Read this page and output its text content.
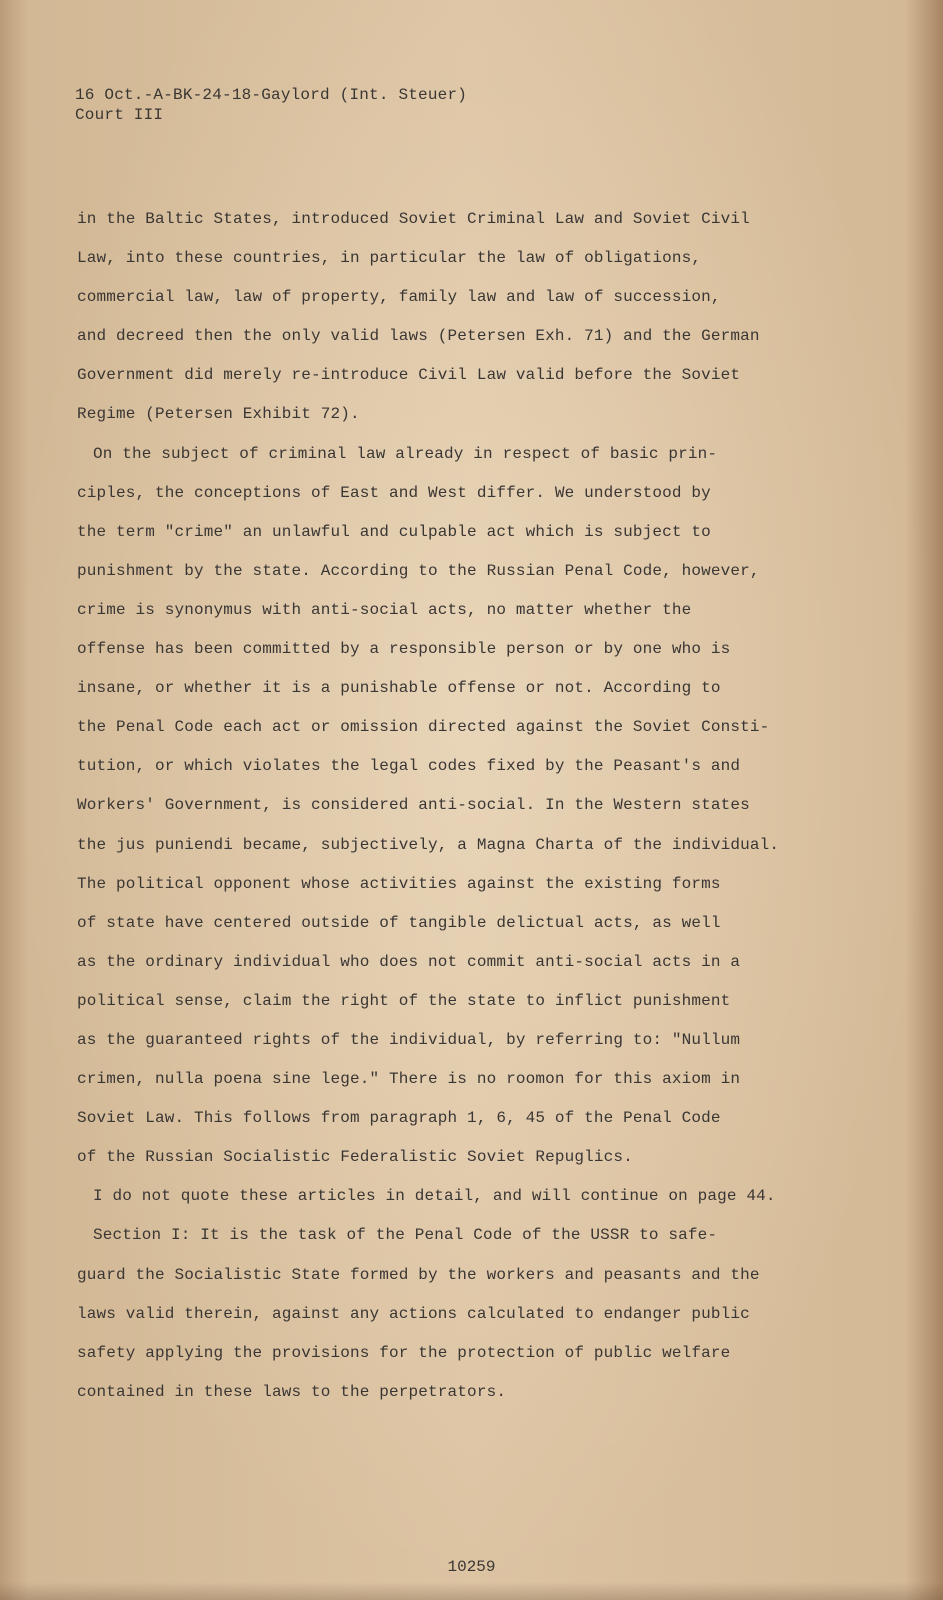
16 Oct.-A-BK-24-18-Gaylord (Int. Steuer)
Court III
in the Baltic States, introduced Soviet Criminal Law and Soviet Civil
Law, into these countries, in particular the law of obligations,
commercial law, law of property, family law and law of succession,
and decreed then the only valid laws (Petersen Exh. 71) and the German
Government did merely re-introduce Civil Law valid before the Soviet
Regime (Petersen Exhibit 72).
On the subject of criminal law already in respect of basic prin-
ciples, the conceptions of East and West differ. We understood by
the term "crime" an unlawful and culpable act which is subject to
punishment by the state. According to the Russian Penal Code, however,
crime is synonymus with anti-social acts, no matter whether the
offense has been committed by a responsible person or by one who is
insane, or whether it is a punishable offense or not. According to
the Penal Code each act or omission directed against the Soviet Consti-
tution, or which violates the legal codes fixed by the Peasant's and
Workers' Government, is considered anti-social. In the Western states
the jus puniendi became, subjectively, a Magna Charta of the individual.
The political opponent whose activities against the existing forms
of state have centered outside of tangible delictual acts, as well
as the ordinary individual who does not commit anti-social acts in a
political sense, claim the right of the state to inflict punishment
as the guaranteed rights of the individual, by referring to: "Nullum
crimen, nulla poena sine lege." There is no roomon for this axiom in
Soviet Law. This follows from paragraph 1, 6, 45 of the Penal Code
of the Russian Socialistic Federalistic Soviet Repuglics.
I do not quote these articles in detail, and will continue on page 44.
Section I: It is the task of the Penal Code of the USSR to safe-
guard the Socialistic State formed by the workers and peasants and the
laws valid therein, against any actions calculated to endanger public
safety applying the provisions for the protection of public welfare
contained in these laws to the perpetrators.
10259
